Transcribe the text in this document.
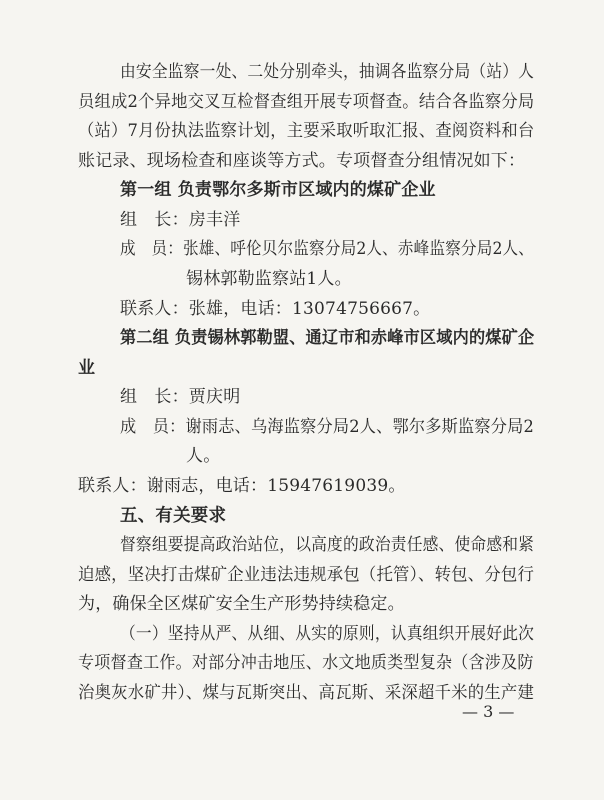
由安全监察一处、二处分别牵头，抽调各监察分局（站）人
员组成2个异地交叉互检督查组开展专项督查。结合各监察分局
（站）7月份执法监察计划，主要采取听取汇报、查阅资料和台
账记录、现场检查和座谈等方式。专项督查分组情况如下：
第一组 负责鄂尔多斯市区域内的煤矿企业
组　长：房丰洋
成　员：张雄、呼伦贝尔监察分局2人、赤峰监察分局2人、
锡林郭勒监察站1人。
联系人：张雄，电话：13074756667。
第二组 负责锡林郭勒盟、通辽市和赤峰市区域内的煤矿企
业
组　长：贾庆明
成　员：谢雨志、乌海监察分局2人、鄂尔多斯监察分局2
人。
联系人：谢雨志，电话：15947619039。
五、有关要求
督察组要提高政治站位，以高度的政治责任感、使命感和紧
迫感，坚决打击煤矿企业违法违规承包（托管）、转包、分包行
为，确保全区煤矿安全生产形势持续稳定。
（一）坚持从严、从细、从实的原则，认真组织开展好此次
专项督查工作。对部分冲击地压、水文地质类型复杂（含涉及防
治奥灰水矿井）、煤与瓦斯突出、高瓦斯、采深超千米的生产建
— 3 —
